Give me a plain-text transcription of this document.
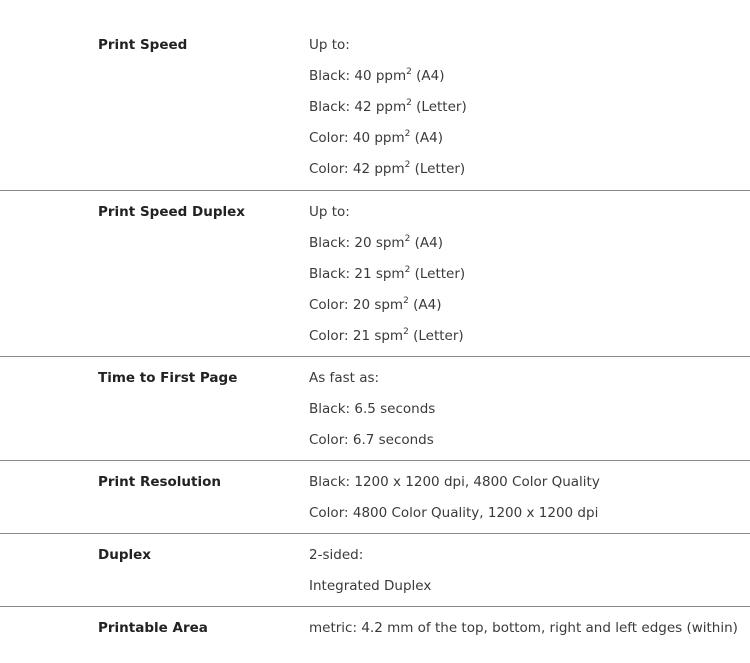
Print Speed	Up to:
Black: 40 ppm$^2$ (A4)
Black: 42 ppm$^2$ (Letter)
Color: 40 ppm$^2$ (A4)
Color: 42 ppm$^2$ (Letter)
Print Speed Duplex	Up to:
Black: 20 spm$^2$ (A4)
Black: 21 spm$^2$ (Letter)
Color: 20 spm$^2$ (A4)
Color: 21 spm$^2$ (Letter)
Time to First Page	As fast as:
Black: 6.5 seconds
Color: 6.7 seconds
Print Resolution	Black: 1200 x 1200 dpi, 4800 Color Quality
Color: 4800 Color Quality, 1200 x 1200 dpi
Duplex	2-sided:
Integrated Duplex
Printable Area	metric: 4.2 mm of the top, bottom, right and left edges (within)
